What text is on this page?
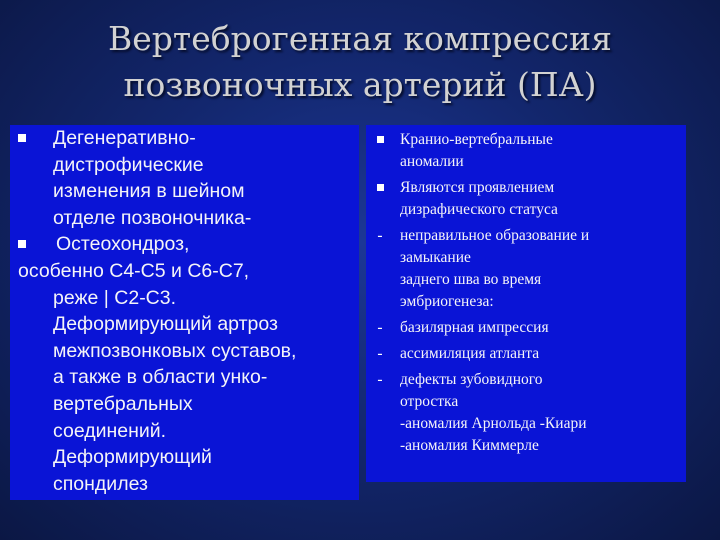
Вертеброгенная компрессия
позвоночных артерий (ПА)
Дегенеративно-
дистрофические
изменения в шейном
отделе позвоночника-
Остеохондроз,
особенно С4-С5 и С6-С7,
реже | С2-С3.
Деформирующий артроз
межпозвонковых суставов,
а также в области унко-
вертебральных
соединений.
Деформирующий
спондилез
Кранио-вертебральные
аномалии
Являются проявлением
дизрафического статуса
- неправильное образование и
замыкание
заднего шва во время
эмбриогенеза:
- базилярная импрессия
- ассимиляция атланта
- дефекты зубовидного
отростка
-аномалия Арнольда -Киари
-аномалия Киммерле
